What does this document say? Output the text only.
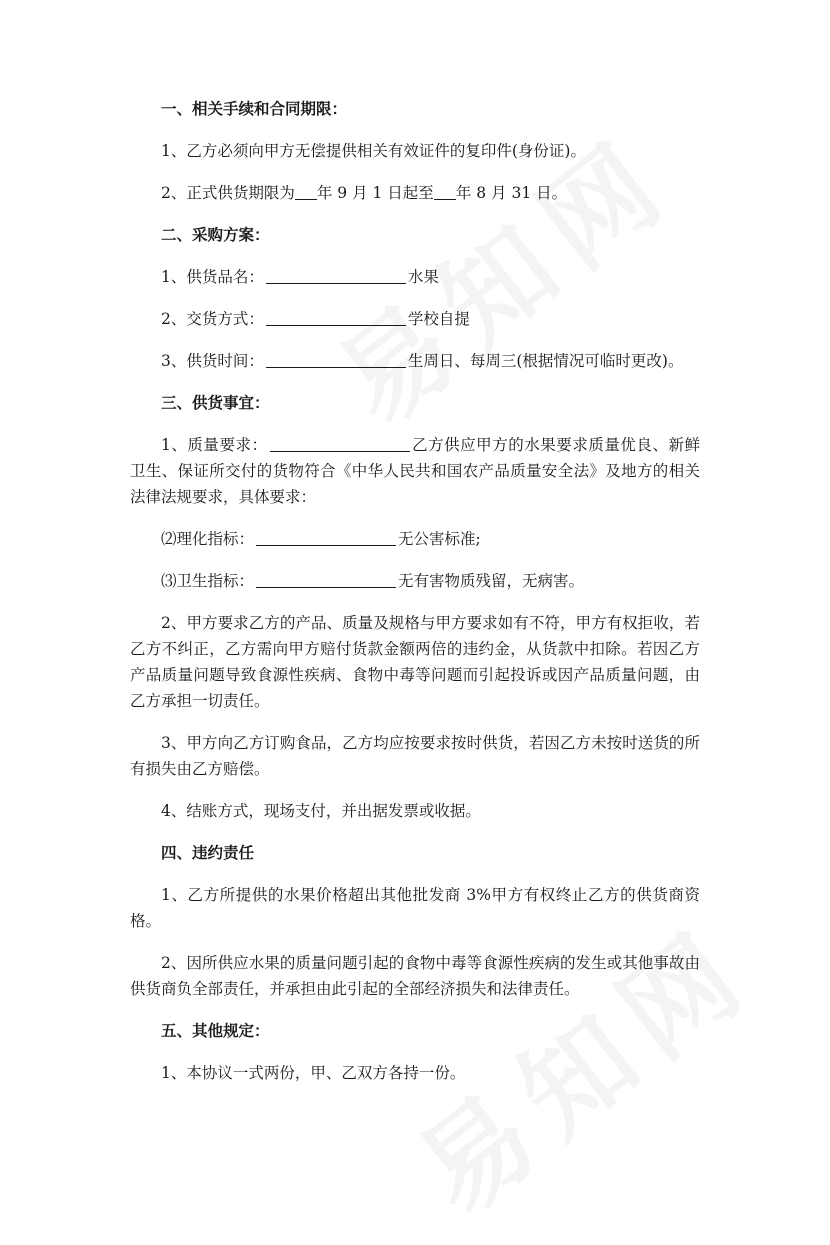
一、相关手续和合同期限：

1、乙方必须向甲方无偿提供相关有效证件的复印件(身份证)。

2、正式供货期限为 年 9 月 1 日起至 年 8 月 31 日。

二、采购方案：

1、供货品名：	水果

2、交货方式：	学校自提

3、供货时间：	生周日、每周三(根据情况可临时更改)。

三、供货事宜：

1、质量要求：	乙方供应甲方的水果要求质量优良、新鲜卫生、保证所交付的货物符合《中华人民共和国农产品质量安全法》及地方的相关法律法规要求，具体要求：

⑵理化指标：	无公害标准;

⑶卫生指标：	无有害物质残留，无病害。

2、甲方要求乙方的产品、质量及规格与甲方要求如有不符，甲方有权拒收，若乙方不纠正，乙方需向甲方赔付货款金额两倍的违约金，从货款中扣除。若因乙方产品质量问题导致食源性疾病、食物中毒等问题而引起投诉或因产品质量问题，由乙方承担一切责任。

3、甲方向乙方订购食品，乙方均应按要求按时供货，若因乙方未按时送货的所有损失由乙方赔偿。

4、结账方式，现场支付，并出据发票或收据。

四、违约责任

1、乙方所提供的水果价格超出其他批发商 3%甲方有权终止乙方的供货商资格。

2、因所供应水果的质量问题引起的食物中毒等食源性疾病的发生或其他事故由供货商负全部责任，并承担由此引起的全部经济损失和法律责任。

五、其他规定：

1、本协议一式两份，甲、乙双方各持一份。
